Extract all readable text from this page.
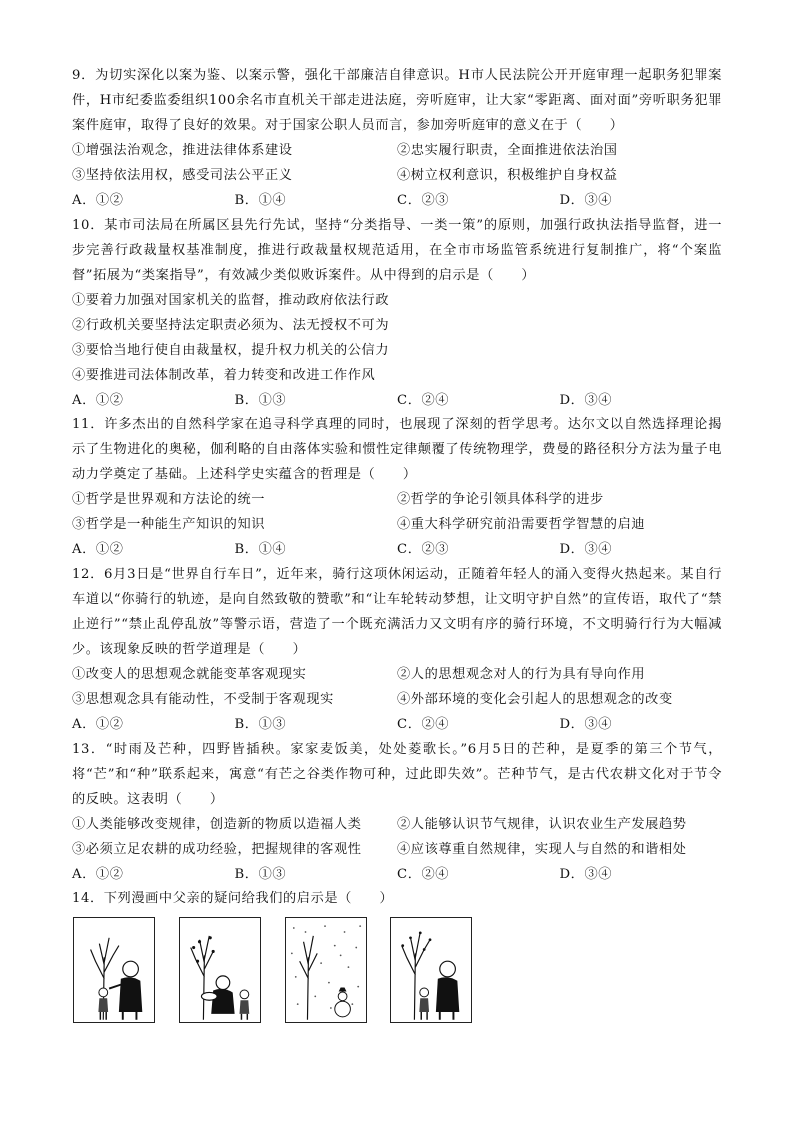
9．为切实深化以案为鉴、以案示警，强化干部廉洁自律意识。H市人民法院公开开庭审理一起职务犯罪案件，H市纪委监委组织100余名市直机关干部走进法庭，旁听庭审，让大家“零距离、面对面”旁听职务犯罪案件庭审，取得了良好的效果。对于国家公职人员而言，参加旁听庭审的意义在于（　　）

①增强法治观念，推进法律体系建设	②忠实履行职责，全面推进依法治国
③坚持依法用权，感受司法公平正义	④树立权利意识，积极维护自身权益
A．①②	B．①④	C．②③	D．③④

10．某市司法局在所属区县先行先试，坚持“分类指导、一类一策”的原则，加强行政执法指导监督，进一步完善行政裁量权基准制度，推进行政裁量权规范适用，在全市市场监管系统进行复制推广，将“个案监督”拓展为“类案指导”，有效减少类似败诉案件。从中得到的启示是（　　）

①要着力加强对国家机关的监督，推动政府依法行政
②行政机关要坚持法定职责必须为、法无授权不可为
③要恰当地行使自由裁量权，提升权力机关的公信力
④要推进司法体制改革，着力转变和改进工作作风
A．①②	B．①③	C．②④	D．③④

11．许多杰出的自然科学家在追寻科学真理的同时，也展现了深刻的哲学思考。达尔文以自然选择理论揭示了生物进化的奥秘，伽利略的自由落体实验和惯性定律颠覆了传统物理学，费曼的路径积分方法为量子电动力学奠定了基础。上述科学史实蕴含的哲理是（　　）

①哲学是世界观和方法论的统一	②哲学的争论引领具体科学的进步
③哲学是一种能生产知识的知识	④重大科学研究前沿需要哲学智慧的启迪
A．①②	B．①④	C．②③	D．③④

12．6月3日是“世界自行车日”，近年来，骑行这项休闲运动，正随着年轻人的涌入变得火热起来。某自行车道以“你骑行的轨迹，是向自然致敬的赞歌”和“让车轮转动梦想，让文明守护自然”的宣传语，取代了“禁止逆行”“禁止乱停乱放”等警示语，营造了一个既充满活力又文明有序的骑行环境，不文明骑行行为大幅减少。该现象反映的哲学道理是（　　）

①改变人的思想观念就能变革客观现实	②人的思想观念对人的行为具有导向作用
③思想观念具有能动性，不受制于客观现实	④外部环境的变化会引起人的思想观念的改变
A．①②	B．①③	C．②④	D．③④

13．“时雨及芒种，四野皆插秧。家家麦饭美，处处菱歌长。”6月5日的芒种，是夏季的第三个节气，将“芒”和“种”联系起来，寓意“有芒之谷类作物可种，过此即失效”。芒种节气，是古代农耕文化对于节令的反映。这表明（　　）

①人类能够改变规律，创造新的物质以造福人类	②人能够认识节气规律，认识农业生产发展趋势
③必须立足农耕的成功经验，把握规律的客观性	④应该尊重自然规律，实现人与自然的和谐相处
A．①②	B．①③	C．②④	D．③④

14．下列漫画中父亲的疑问给我们的启示是（　　）
